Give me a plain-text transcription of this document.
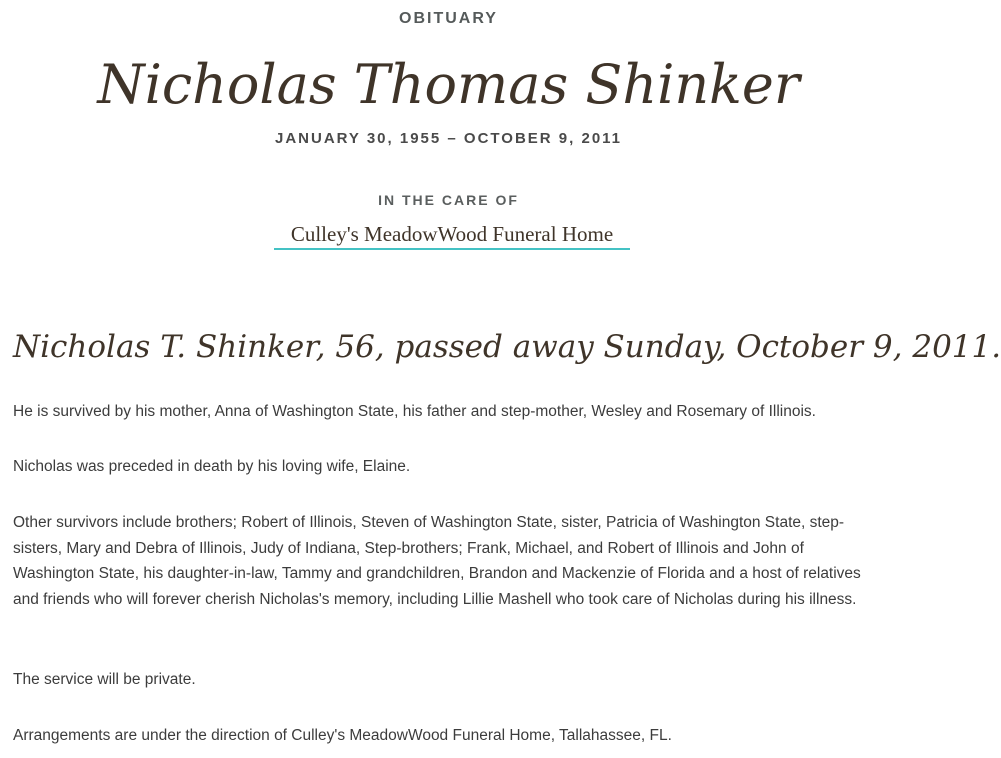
OBITUARY
Nicholas Thomas Shinker
JANUARY 30, 1955 – OCTOBER 9, 2011
IN THE CARE OF
Culley's MeadowWood Funeral Home
Nicholas T. Shinker, 56, passed away Sunday, October 9, 2011.

He is survived by his mother, Anna of Washington State, his father and step-mother, Wesley and Rosemary of Illinois.

Nicholas was preceded in death by his loving wife, Elaine.

Other survivors include brothers; Robert of Illinois, Steven of Washington State, sister, Patricia of Washington State, step-sisters, Mary and Debra of Illinois, Judy of Indiana, Step-brothers; Frank, Michael, and Robert of Illinois and John of Washington State, his daughter-in-law, Tammy and grandchildren, Brandon and Mackenzie of Florida and a host of relatives and friends who will forever cherish Nicholas's memory, including Lillie Mashell who took care of Nicholas during his illness.

The service will be private.

Arrangements are under the direction of Culley's MeadowWood Funeral Home, Tallahassee, FL.
